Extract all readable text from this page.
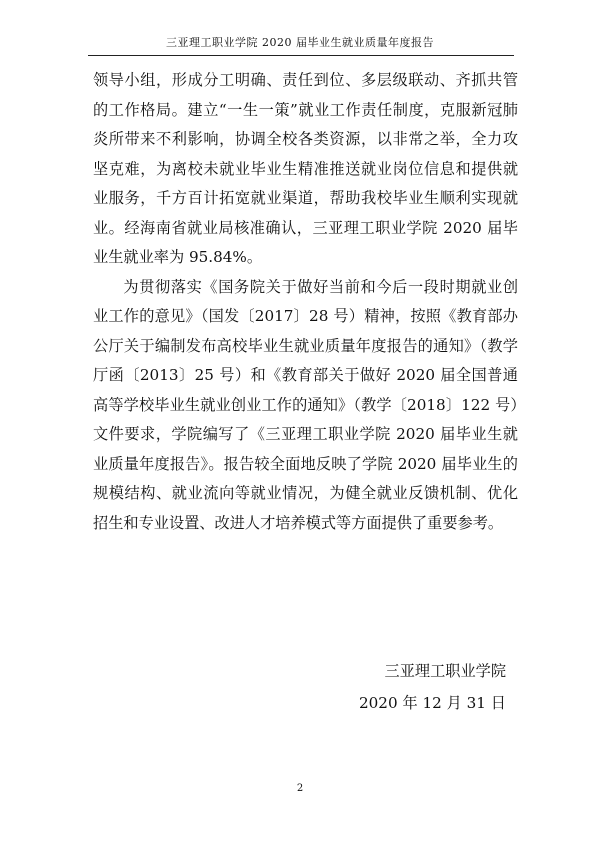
三亚理工职业学院 2020 届毕业生就业质量年度报告

领导小组，形成分工明确、责任到位、多层级联动、齐抓共管的工作格局。建立“一生一策”就业工作责任制度，克服新冠肺炎所带来不利影响，协调全校各类资源，以非常之举，全力攻坚克难，为离校未就业毕业生精准推送就业岗位信息和提供就业服务，千方百计拓宽就业渠道，帮助我校毕业生顺利实现就业。经海南省就业局核准确认，三亚理工职业学院 2020 届毕业生就业率为 95.84%。

为贯彻落实《国务院关于做好当前和今后一段时期就业创业工作的意见》（国发〔2017〕28 号）精神，按照《教育部办公厅关于编制发布高校毕业生就业质量年度报告的通知》（教学厅函〔2013〕25 号）和《教育部关于做好 2020 届全国普通高等学校毕业生就业创业工作的通知》（教学〔2018〕122 号）文件要求，学院编写了《三亚理工职业学院 2020 届毕业生就业质量年度报告》。报告较全面地反映了学院 2020 届毕业生的规模结构、就业流向等就业情况，为健全就业反馈机制、优化招生和专业设置、改进人才培养模式等方面提供了重要参考。

三亚理工职业学院
2020 年 12 月 31 日
2
